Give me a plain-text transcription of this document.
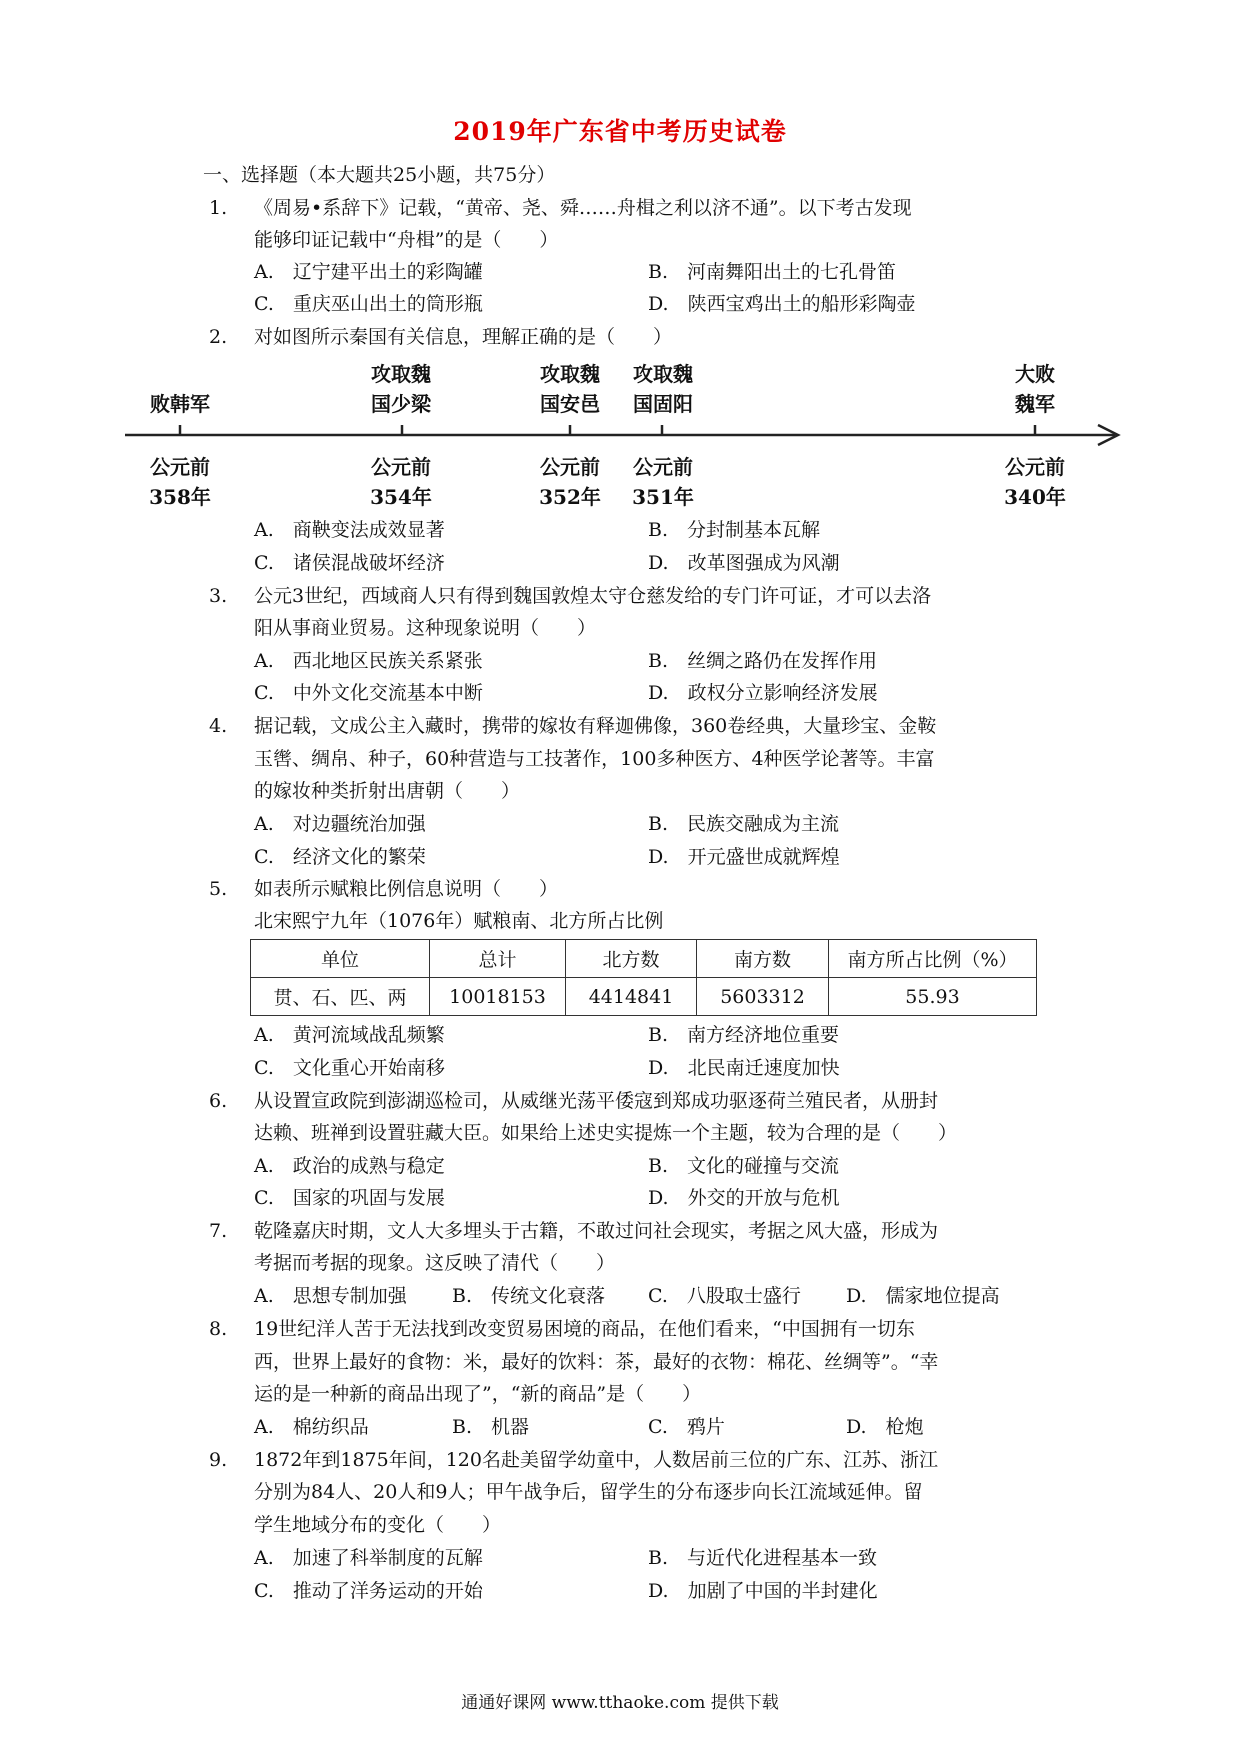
2019年广东省中考历史试卷
一、选择题（本大题共25小题，共75分）
1. 《周易•系辞下》记载，“黄帝、尧、舜……舟楫之利以济不通”。以下考古发现
能够印证记载中“舟楫”的是（　　）
A.　辽宁建平出土的彩陶罐	B.　河南舞阳出土的七孔骨笛
C.　重庆巫山出土的筒形瓶	D.　陕西宝鸡出土的船形彩陶壶
2. 对如图所示秦国有关信息，理解正确的是（　　）
败韩军
攻取魏
国少梁
攻取魏
国安邑
攻取魏
国固阳
大败
魏军
公元前
358年
公元前
354年
公元前
352年
公元前
351年
公元前
340年
A.　商鞅变法成效显著	B.　分封制基本瓦解
C.　诸侯混战破坏经济	D.　改革图强成为风潮
3. 公元3世纪，西域商人只有得到魏国敦煌太守仓慈发给的专门许可证，才可以去洛
阳从事商业贸易。这种现象说明（　　）
A.　西北地区民族关系紧张	B.　丝绸之路仍在发挥作用
C.　中外文化交流基本中断	D.　政权分立影响经济发展
4. 据记载，文成公主入藏时，携带的嫁妆有释迦佛像，360卷经典，大量珍宝、金鞍
玉辔、绸帛、种子，60种营造与工技著作，100多种医方、4种医学论著等。丰富
的嫁妆种类折射出唐朝（　　）
A.　对边疆统治加强	B.　民族交融成为主流
C.　经济文化的繁荣	D.　开元盛世成就辉煌
5. 如表所示赋粮比例信息说明（　　）
北宋熙宁九年（1076年）赋粮南、北方所占比例
单位	总计	北方数	南方数	南方所占比例（%）
贯、石、匹、两	10018153	4414841	5603312	55.93
A.　黄河流域战乱频繁	B.　南方经济地位重要
C.　文化重心开始南移	D.　北民南迁速度加快
6. 从设置宣政院到澎湖巡检司，从威继光荡平倭寇到郑成功驱逐荷兰殖民者，从册封
达赖、班禅到设置驻藏大臣。如果给上述史实提炼一个主题，较为合理的是（　　）
A.　政治的成熟与稳定	B.　文化的碰撞与交流
C.　国家的巩固与发展	D.　外交的开放与危机
7. 乾隆嘉庆时期，文人大多埋头于古籍，不敢过问社会现实，考据之风大盛，形成为
考据而考据的现象。这反映了清代（　　）
A.　思想专制加强 B.　传统文化衰落 C.　八股取士盛行 D.　儒家地位提高
8. 19世纪洋人苦于无法找到改变贸易困境的商品，在他们看来，“中国拥有一切东
西，世界上最好的食物：米，最好的饮料：茶，最好的衣物：棉花、丝绸等”。“幸
运的是一种新的商品出现了”，“新的商品”是（　　）
A.　棉纺织品	B.　机器	C.　鸦片	D.　枪炮
9. 1872年到1875年间，120名赴美留学幼童中，人数居前三位的广东、江苏、浙江
分别为84人、20人和9人；甲午战争后，留学生的分布逐步向长江流域延伸。留
学生地域分布的变化（　　）
A.　加速了科举制度的瓦解	B.　与近代化进程基本一致
C.　推动了洋务运动的开始	D.　加剧了中国的半封建化
通通好课网 www.tthaoke.com 提供下载
